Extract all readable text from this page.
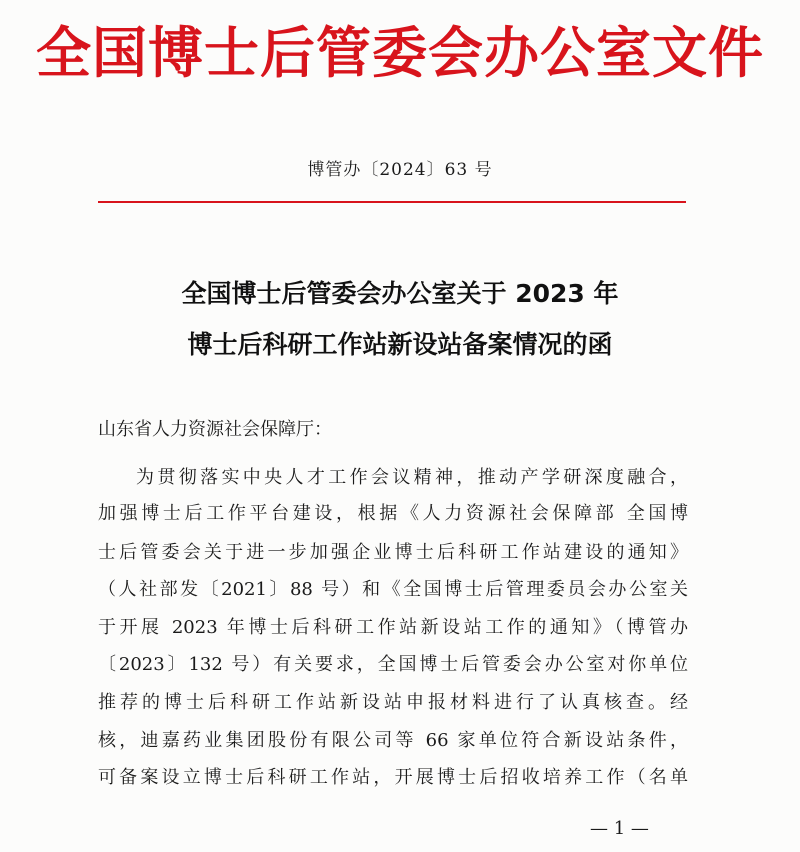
全国博士后管委会办公室文件
博管办〔2024〕63 号
全国博士后管委会办公室关于 2023 年
博士后科研工作站新设站备案情况的函
山东省人力资源社会保障厅：
为贯彻落实中央人才工作会议精神，推动产学研深度融合，
加强博士后工作平台建设，根据《人力资源社会保障部 全国博
士后管委会关于进一步加强企业博士后科研工作站建设的通知》
（人社部发〔2021〕88 号）和《全国博士后管理委员会办公室关
于开展 2023 年博士后科研工作站新设站工作的通知》（博管办
〔2023〕132 号）有关要求，全国博士后管委会办公室对你单位
推荐的博士后科研工作站新设站申报材料进行了认真核查。经
核，迪嘉药业集团股份有限公司等 66 家单位符合新设站条件，
可备案设立博士后科研工作站，开展博士后招收培养工作（名单
— 1 —
